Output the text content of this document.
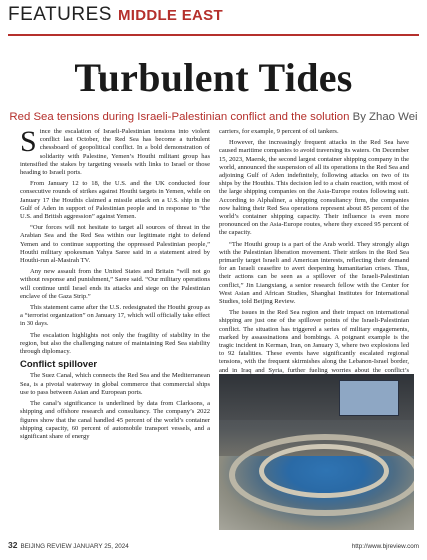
FEATURES MIDDLE EAST
Turbulent Tides
Red Sea tensions during Israeli-Palestinian conflict and the solution By Zhao Wei

Since the escalation of Israeli-Palestinian tensions into violent conflict last October, the Red Sea has become a turbulent chessboard of geopolitical conflict. In a bold demonstration of solidarity with Palestine, Yemen’s Houthi militant group has intensified the stakes by targeting vessels with links to Israel or those heading to Israeli ports.

From January 12 to 18, the U.S. and the UK conducted four consecutive rounds of strikes against Houthi targets in Yemen, while on January 17 the Houthis claimed a missile attack on a U.S. ship in the Gulf of Aden in support of Palestinian people and in response to “the U.S. and British aggression” against Yemen.

“Our forces will not hesitate to target all sources of threat in the Arabian Sea and the Red Sea within our legitimate right to defend Yemen and to continue supporting the oppressed Palestinian people,” Houthi military spokesman Yahya Saree said in a statement aired by Houthi-run al-Masirah TV.

Any new assault from the United States and Britain “will not go without response and punishment,” Saree said. “Our military operations will continue until Israel ends its attacks and siege on the Palestinian enclave of the Gaza Strip.”

This statement came after the U.S. redesignated the Houthi group as a “terrorist organization” on January 17, which will officially take effect in 30 days.

The escalation highlights not only the fragility of stability in the region, but also the challenging nature of maintaining Red Sea stability through diplomacy.

Conflict spillover

The Suez Canal, which connects the Red Sea and the Mediterranean Sea, is a pivotal waterway in global commerce that commercial ships use to pass between Asian and European ports.

The canal’s significance is underlined by data from Clarksons, a shipping and offshore research and consultancy. The company’s 2022 figures show that the canal handled 45 percent of the world’s container shipping capacity, 60 percent of automobile transport vessels, and a significant share of energy

carriers, for example, 9 percent of oil tankers.

However, the increasingly frequent attacks in the Red Sea have caused maritime companies to avoid traversing its waters. On December 15, 2023, Maersk, the second largest container shipping company in the world, announced the suspension of all its operations in the Red Sea and adjoining Gulf of Aden indefinitely, following attacks on two of its ships by the Houthis. This decision led to a chain reaction, with most of the large shipping companies on the Asia-Europe routes following suit. According to Alphaliner, a shipping consultancy firm, the companies now halting their Red Sea operations represent about 85 percent of the world’s container shipping capacity. Their influence is even more pronounced on the Asia-Europe routes, where they exceed 95 percent of the capacity.

“The Houthi group is a part of the Arab world. They strongly align with the Palestinian liberation movement. Their strikes in the Red Sea primarily target Israeli and American interests, reflecting their demand for an Israeli ceasefire to avert deepening humanitarian crises. Thus, their actions can be seen as a spillover of the Israeli-Palestinian conflict,” Jin Liangxiang, a senior research fellow with the Center for West Asian and African Studies, Shanghai Institutes for International Studies, told Beijing Review.

The issues in the Red Sea region and their impact on international shipping are just one of the spillover points of the Israeli-Palestinian conflict. The situation has triggered a series of military engagements, marked by assassinations and bombings. A poignant example is the tragic incident in Kerman, Iran, on January 3, where two explosions led to 92 fatalities. These events have significantly escalated regional tensions, with the frequent skirmishes along the Lebanon-Israel border, and in Iraq and Syria, further fueling worries about the conflict’s

32 BEIJING REVIEW JANUARY 25, 2024	http://www.bjreview.com
